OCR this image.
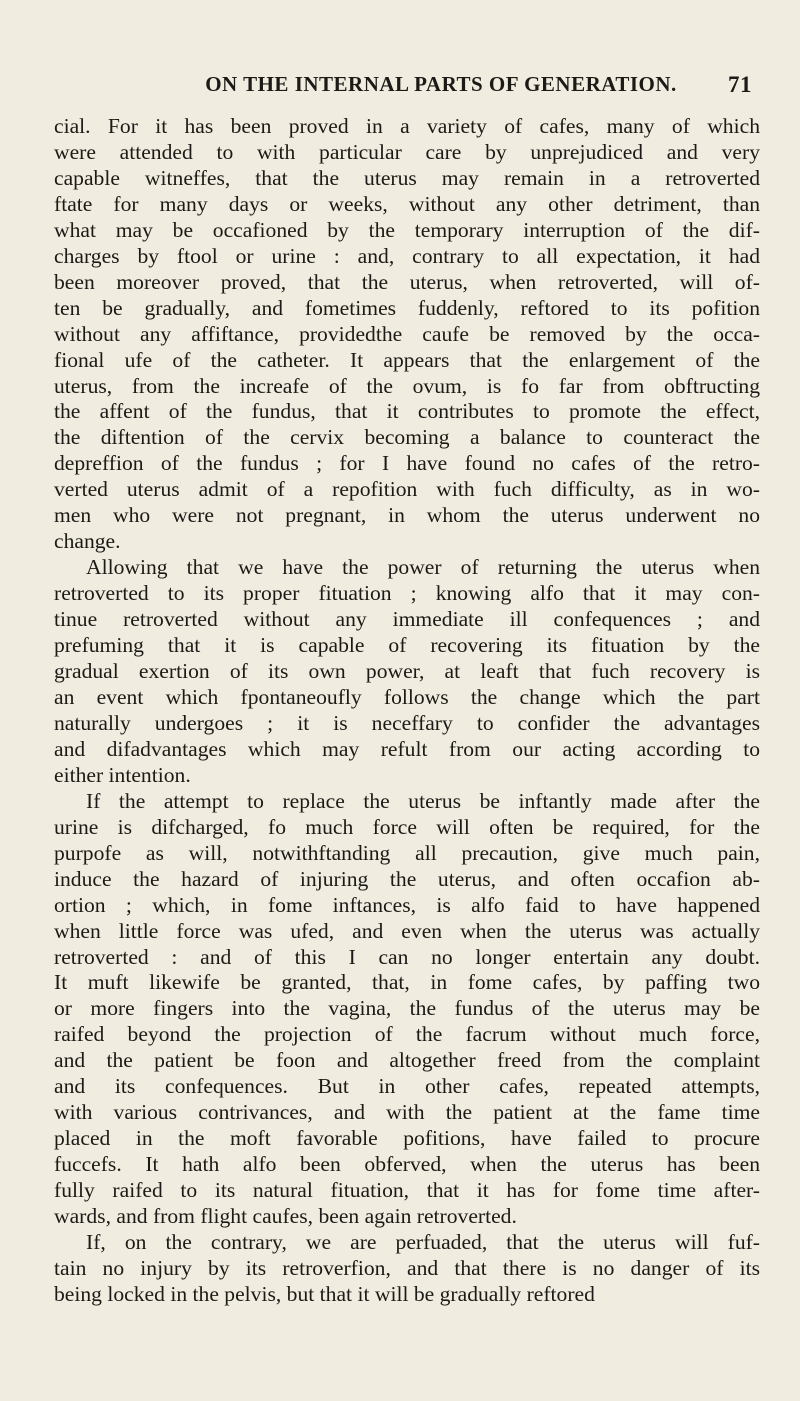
ON THE INTERNAL PARTS OF GENERATION. 71

cial. For it has been proved in a variety of cafes, many of which
were attended to with particular care by unprejudiced and very
capable witneffes, that the uterus may remain in a retroverted
ftate for many days or weeks, without any other detriment, than
what may be occafioned by the temporary interruption of the dif-
charges by ftool or urine : and, contrary to all expectation, it had
been moreover proved, that the uterus, when retroverted, will of-
ten be gradually, and fometimes fuddenly, reftored to its pofition
without any affiftance, providedthe caufe be removed by the occa-
fional ufe of the catheter. It appears that the enlargement of the
uterus, from the increafe of the ovum, is fo far from obftructing
the affent of the fundus, that it contributes to promote the effect,
the diftention of the cervix becoming a balance to counteract the
depreffion of the fundus ; for I have found no cafes of the retro-
verted uterus admit of a repofition with fuch difficulty, as in wo-
men who were not pregnant, in whom the uterus underwent no
change.

Allowing that we have the power of returning the uterus when
retroverted to its proper fituation ; knowing alfo that it may con-
tinue retroverted without any immediate ill confequences ; and
prefuming that it is capable of recovering its fituation by the
gradual exertion of its own power, at leaft that fuch recovery is
an event which fpontaneoufly follows the change which the part
naturally undergoes ; it is neceffary to confider the advantages
and difadvantages which may refult from our acting according to
either intention.

If the attempt to replace the uterus be inftantly made after the
urine is difcharged, fo much force will often be required, for the
purpofe as will, notwithftanding all precaution, give much pain,
induce the hazard of injuring the uterus, and often occafion ab-
ortion ; which, in fome inftances, is alfo faid to have happened
when little force was ufed, and even when the uterus was actually
retroverted : and of this I can no longer entertain any doubt.
It muft likewife be granted, that, in fome cafes, by paffing two
or more fingers into the vagina, the fundus of the uterus may be
raifed beyond the projection of the facrum without much force,
and the patient be foon and altogether freed from the complaint
and its confequences. But in other cafes, repeated attempts,
with various contrivances, and with the patient at the fame time
placed in the moft favorable pofitions, have failed to procure
fuccefs. It hath alfo been obferved, when the uterus has been
fully raifed to its natural fituation, that it has for fome time after-
wards, and from flight caufes, been again retroverted.

If, on the contrary, we are perfuaded, that the uterus will fuf-
tain no injury by its retroverfion, and that there is no danger of its
being locked in the pelvis, but that it will be gradually reftored
